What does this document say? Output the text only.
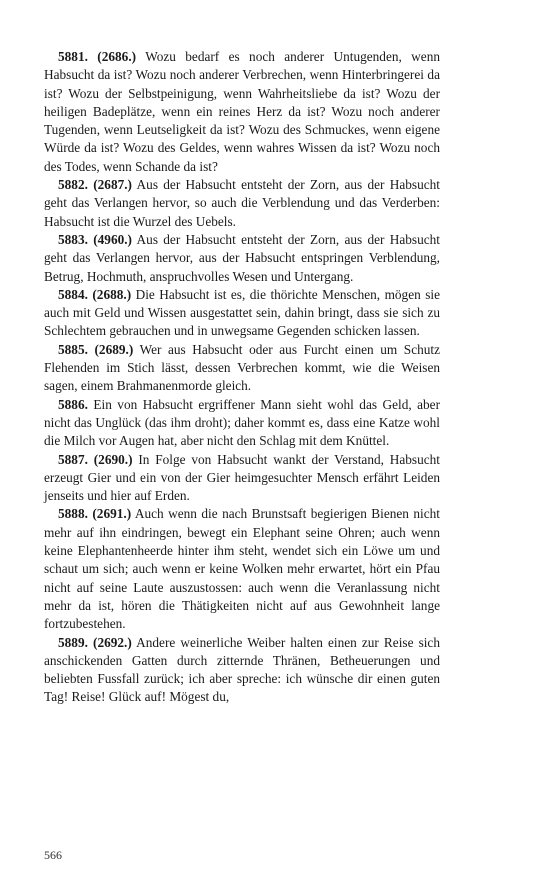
5881. (2686.) Wozu bedarf es noch anderer Untugenden, wenn Habsucht da ist? Wozu noch anderer Verbrechen, wenn Hinterbringerei da ist? Wozu der Selbstpeinigung, wenn Wahrheitsliebe da ist? Wozu der heiligen Badeplätze, wenn ein reines Herz da ist? Wozu noch anderer Tugenden, wenn Leutseligkeit da ist? Wozu des Schmuckes, wenn eigene Würde da ist? Wozu des Geldes, wenn wahres Wissen da ist? Wozu noch des Todes, wenn Schande da ist?

5882. (2687.) Aus der Habsucht entsteht der Zorn, aus der Habsucht geht das Verlangen hervor, so auch die Verblendung und das Verderben: Habsucht ist die Wurzel des Uebels.

5883. (4960.) Aus der Habsucht entsteht der Zorn, aus der Habsucht geht das Verlangen hervor, aus der Habsucht entspringen Verblendung, Betrug, Hochmuth, anspruchvolles Wesen und Untergang.

5884. (2688.) Die Habsucht ist es, die thörichte Menschen, mögen sie auch mit Geld und Wissen ausgestattet sein, dahin bringt, dass sie sich zu Schlechtem gebrauchen und in unwegsame Gegenden schicken lassen.

5885. (2689.) Wer aus Habsucht oder aus Furcht einen um Schutz Flehenden im Stich lässt, dessen Verbrechen kommt, wie die Weisen sagen, einem Brahmanenmorde gleich.

5886. Ein von Habsucht ergriffener Mann sieht wohl das Geld, aber nicht das Unglück (das ihm droht); daher kommt es, dass eine Katze wohl die Milch vor Augen hat, aber nicht den Schlag mit dem Knüttel.

5887. (2690.) In Folge von Habsucht wankt der Verstand, Habsucht erzeugt Gier und ein von der Gier heimgesuchter Mensch erfährt Leiden jenseits und hier auf Erden.

5888. (2691.) Auch wenn die nach Brunstsaft begierigen Bienen nicht mehr auf ihn eindringen, bewegt ein Elephant seine Ohren; auch wenn keine Elephantenheerde hinter ihm steht, wendet sich ein Löwe um und schaut um sich; auch wenn er keine Wolken mehr erwartet, hört ein Pfau nicht auf seine Laute auszustossen: auch wenn die Veranlassung nicht mehr da ist, hören die Thätigkeiten nicht auf aus Gewohnheit lange fortzubestehen.

5889. (2692.) Andere weinerliche Weiber halten einen zur Reise sich anschickenden Gatten durch zitternde Thränen, Betheuerungen und beliebten Fussfall zurück; ich aber spreche: ich wünsche dir einen guten Tag! Reise! Glück auf! Mögest du,

566
